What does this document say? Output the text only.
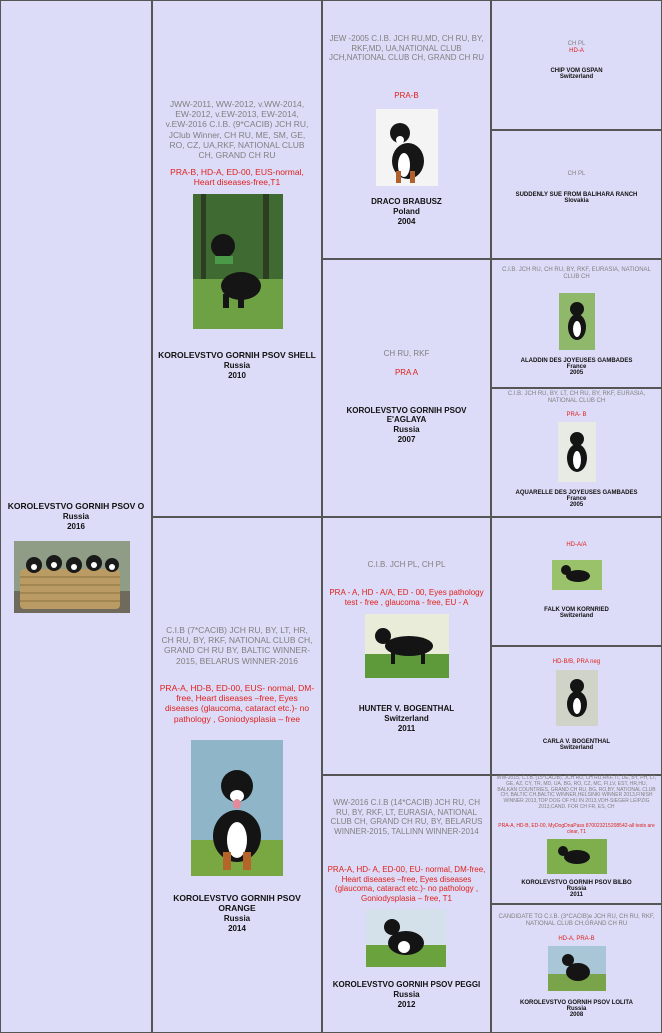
KOROLEVSTVO GORNIH PSOV O
Russia
2016
JWW-2011, WW-2012, v.WW-2014, EW-2012, v.EW-2013, EW-2014, v.EW-2016 C.I.B. (9*CACIB) JCH RU, JClub Winner, CH RU, ME, SM, GE, RO, CZ, UA,RKF, NATIONAL CLUB CH, GRAND CH RU
PRA-B, HD-A, ED-00, EUS-normal, Heart diseases-free,T1
KOROLEVSTVO GORNIH PSOV SHELL
Russia
2010
C.I.B (7*CACIB) JCH RU, BY, LT, HR, CH RU, BY, RKF, NATIONAL CLUB CH, GRAND CH RU BY, BALTIC WINNER-2015, BELARUS WINNER-2016
PRA-A, HD-B, ED-00, EUS- normal, DM- free, Heart diseases –free, Eyes diseases (glaucoma, cataract etc.)- no pathology , Goniodysplasia – free
KOROLEVSTVO GORNIH PSOV ORANGE
Russia
2014
JEW -2005 C.I.B. JCH RU,MD, CH RU, BY, RKF,MD, UA,NATIONAL CLUB JCH,NATIONAL CLUB CH, GRAND CH RU
PRA-B
DRACO BRABUSZ
Poland
2004
CH RU, RKF
PRA A
KOROLEVSTVO GORNIH PSOV E'AGLAYA
Russia
2007
C.I.B. JCH PL, CH PL
PRA - A, HD - A/A, ED - 00, Eyes pathology test - free , glaucoma - free, EU - A
HUNTER V. BOGENTHAL
Switzerland
2011
WW-2016 C.I.B (14*CACIB) JCH RU, CH RU, BY, RKF, LT, EURASIA, NATIONAL CLUB CH, GRAND CH RU, BY, BELARUS WINNER-2015, TALLINN WINNER-2014
PRA-A, HD- A, ED-00, EU- normal, DM-free, Heart diseases –free, Eyes diseases (glaucoma, cataract etc.)- no pathology , Goniodysplasia – free, T1
KOROLEVSTVO GORNIH PSOV PEGGI
Russia
2012
CH PL
HD-A
CHIP VOM GSPAN
Switzerland
CH PL
SUDDENLY SUE FROM BALIHARA RANCH
Slovakia
C.I.B. JCH RU, CH RU, BY, RKF, EURASIA, NATIONAL CLUB CH
ALADDIN DES JOYEUSES GAMBADES
France
2005
C.I.B. JCH RU, BY, LT, CH RU, BY, RKF, EURASIA, NATIONAL CLUB CH
PRA- B
AQUARELLE DES JOYEUSES GAMBADES
France
2005
HD-A/A
FALK VOM KORNRIED
Switzerland
HD-B/B, PRA neg
CARLA V. BOGENTHAL
Switzerland
WW-2015, C.I.B. (15*CACIB), JCH RU, CH RU,RKF, IT, DE, BY, PH, LT, GE, AZ, CY, TR, MD, UA, BG, RO, CZ, MC, FI,LV, EST, HR,HU, BALKAN COUNTRIES, GRAND CH RU, BG, RO,BY, NATIONAL CLUB CH, BALTIC CH,BALTIC WINNER,HELSINKI WINNER 2013,FINISH WINNER 2013,TOP DOG OF HU IN 2013,VDH-SIEGER LEIPZIG 2013,CAND. FOR CH FR, ES, CH
PRA-A, HD-B, ED-00, MyDogDnaPass 870023215208542-all tests are clear, T1
KOROLEVSTVO GORNIH PSOV BILBO
Russia
2011
CANDIDATE TO C.I.B. (3*CACIB)е JCH RU, CH RU, RKF, NATIONAL CLUB CH,GRAND CH RU
HD-A, PRA-B
KOROLEVSTVO GORNIH PSOV LOLITA
Russia
2008
